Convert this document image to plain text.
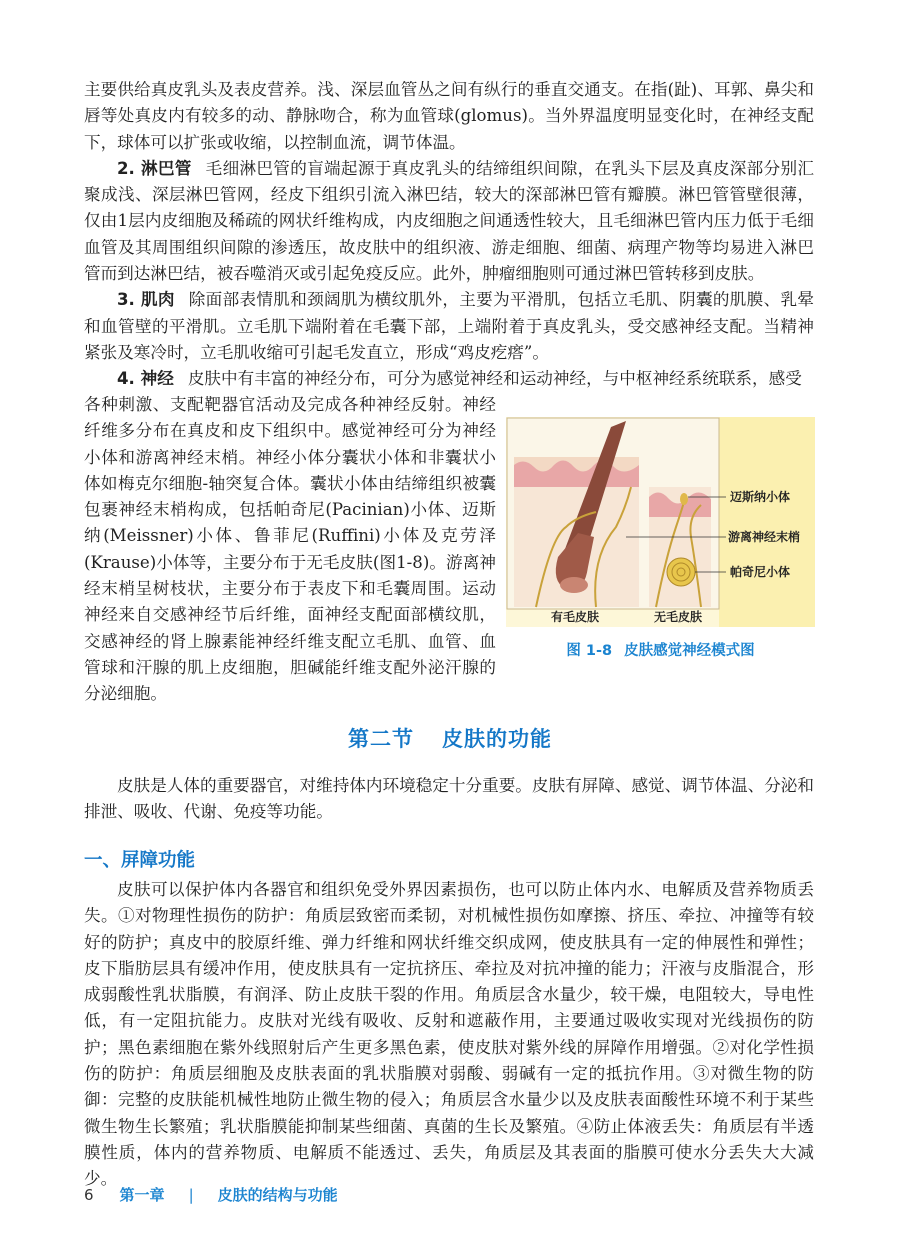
主要供给真皮乳头及表皮营养。浅、深层血管丛之间有纵行的垂直交通支。在指(趾)、耳郭、鼻尖和唇等处真皮内有较多的动、静脉吻合，称为血管球(glomus)。当外界温度明显变化时，在神经支配下，球体可以扩张或收缩，以控制血流，调节体温。

2. 淋巴管 毛细淋巴管的盲端起源于真皮乳头的结缔组织间隙，在乳头下层及真皮深部分别汇聚成浅、深层淋巴管网，经皮下组织引流入淋巴结，较大的深部淋巴管有瓣膜。淋巴管管壁很薄，仅由1层内皮细胞及稀疏的网状纤维构成，内皮细胞之间通透性较大，且毛细淋巴管内压力低于毛细血管及其周围组织间隙的渗透压，故皮肤中的组织液、游走细胞、细菌、病理产物等均易进入淋巴管而到达淋巴结，被吞噬消灭或引起免疫反应。此外，肿瘤细胞则可通过淋巴管转移到皮肤。

3. 肌肉 除面部表情肌和颈阔肌为横纹肌外，主要为平滑肌，包括立毛肌、阴囊的肌膜、乳晕和血管壁的平滑肌。立毛肌下端附着在毛囊下部，上端附着于真皮乳头，受交感神经支配。当精神紧张及寒冷时，立毛肌收缩可引起毛发直立，形成“鸡皮疙瘩”。

4. 神经 皮肤中有丰富的神经分布，可分为感觉神经和运动神经，与中枢神经系统联系，感受

各种刺激、支配靶器官活动及完成各种神经反射。神经纤维多分布在真皮和皮下组织中。感觉神经可分为神经小体和游离神经末梢。神经小体分囊状小体和非囊状小体如梅克尔细胞-轴突复合体。囊状小体由结缔组织被囊包裹神经末梢构成，包括帕奇尼(Pacinian)小体、迈斯纳(Meissner)小体、鲁菲尼(Ruffini)小体及克劳泽(Krause)小体等，主要分布于无毛皮肤(图1-8)。游离神经末梢呈树枝状，主要分布于表皮下和毛囊周围。运动神经来自交感神经节后纤维，面神经支配面部横纹肌，交感神经的肾上腺素能神经纤维支配立毛肌、血管、血管球和汗腺的肌上皮细胞，胆碱能纤维支配外泌汗腺的分泌细胞。

迈斯纳小体
游离神经末梢
帕奇尼小体
有毛皮肤	无毛皮肤
图 1-8 皮肤感觉神经模式图
第二节 皮肤的功能

皮肤是人体的重要器官，对维持体内环境稳定十分重要。皮肤有屏障、感觉、调节体温、分泌和排泄、吸收、代谢、免疫等功能。

一、屏障功能

皮肤可以保护体内各器官和组织免受外界因素损伤，也可以防止体内水、电解质及营养物质丢失。①对物理性损伤的防护：角质层致密而柔韧，对机械性损伤如摩擦、挤压、牵拉、冲撞等有较好的防护；真皮中的胶原纤维、弹力纤维和网状纤维交织成网，使皮肤具有一定的伸展性和弹性；皮下脂肪层具有缓冲作用，使皮肤具有一定抗挤压、牵拉及对抗冲撞的能力；汗液与皮脂混合，形成弱酸性乳状脂膜，有润泽、防止皮肤干裂的作用。角质层含水量少，较干燥，电阻较大，导电性低，有一定阻抗能力。皮肤对光线有吸收、反射和遮蔽作用，主要通过吸收实现对光线损伤的防护；黑色素细胞在紫外线照射后产生更多黑色素，使皮肤对紫外线的屏障作用增强。②对化学性损伤的防护：角质层细胞及皮肤表面的乳状脂膜对弱酸、弱碱有一定的抵抗作用。③对微生物的防御：完整的皮肤能机械性地防止微生物的侵入；角质层含水量少以及皮肤表面酸性环境不利于某些微生物生长繁殖；乳状脂膜能抑制某些细菌、真菌的生长及繁殖。④防止体液丢失：角质层有半透膜性质，体内的营养物质、电解质不能透过、丢失，角质层及其表面的脂膜可使水分丢失大大减少。

6 第一章 | 皮肤的结构与功能
